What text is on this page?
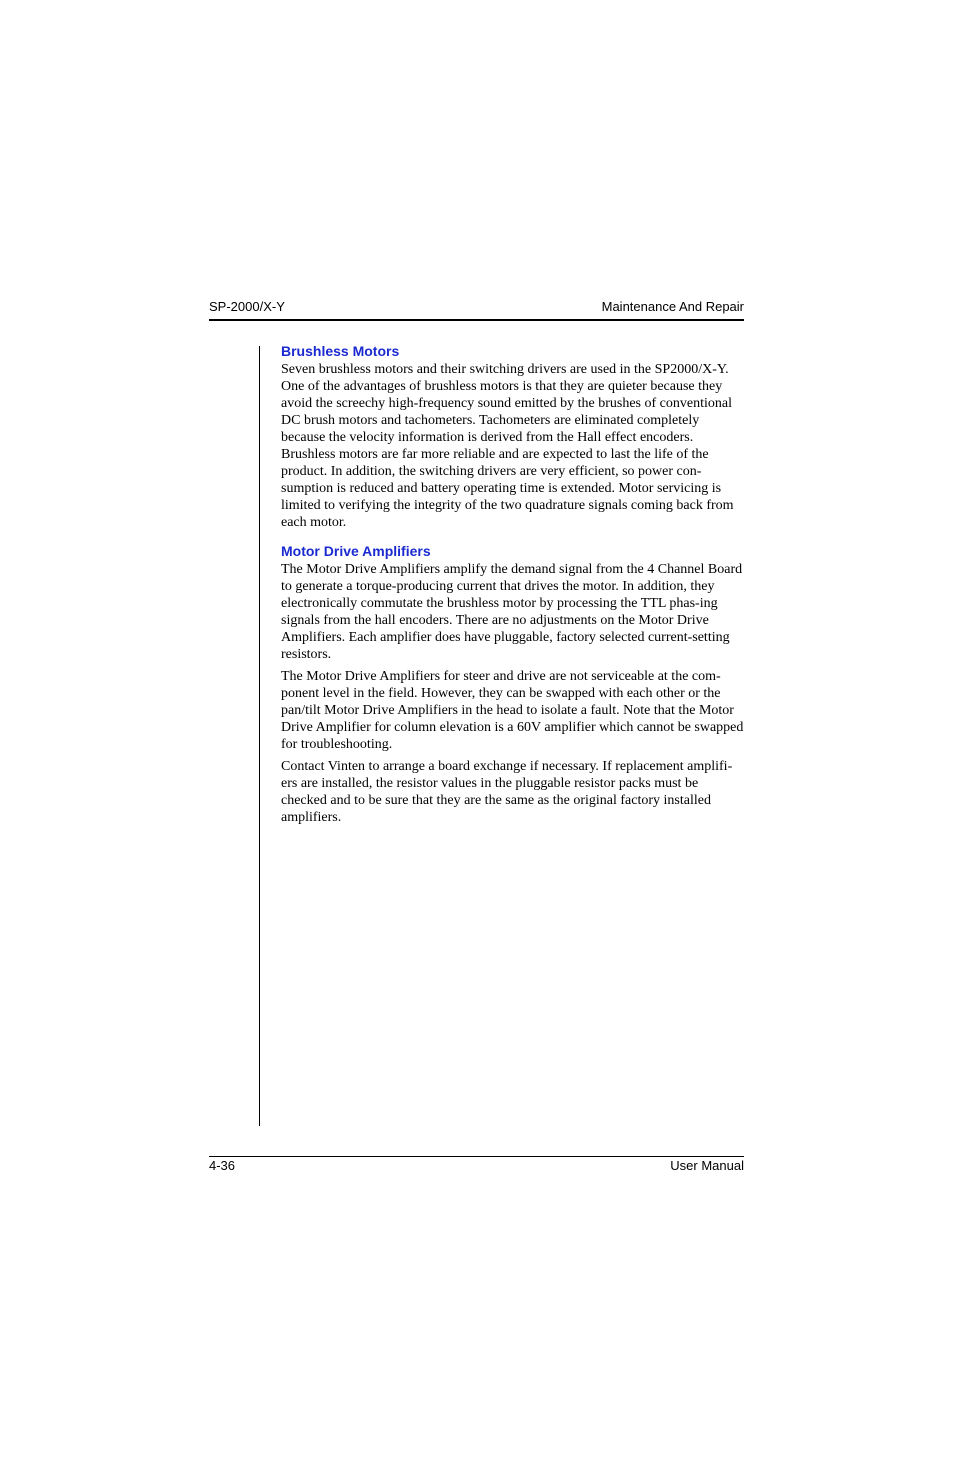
SP-2000/X-Y	Maintenance And Repair
Brushless Motors

Seven brushless motors and their switching drivers are used in the SP2000/X-Y. One of the advantages of brushless motors is that they are quieter because they avoid the screechy high-frequency sound emitted by the brushes of conventional DC brush motors and tachometers. Tachometers are eliminated completely because the velocity information is derived from the Hall effect encoders. Brushless motors are far more reliable and are expected to last the life of the product. In addition, the switching drivers are very efficient, so power con-sumption is reduced and battery operating time is extended. Motor servicing is limited to verifying the integrity of the two quadrature signals coming back from each motor.

Motor Drive Amplifiers

The Motor Drive Amplifiers amplify the demand signal from the 4 Channel Board to generate a torque-producing current that drives the motor. In addition, they electronically commutate the brushless motor by processing the TTL phas-ing signals from the hall encoders. There are no adjustments on the Motor Drive Amplifiers. Each amplifier does have pluggable, factory selected current-setting resistors.

The Motor Drive Amplifiers for steer and drive are not serviceable at the com-ponent level in the field. However, they can be swapped with each other or the pan/tilt Motor Drive Amplifiers in the head to isolate a fault. Note that the Motor Drive Amplifier for column elevation is a 60V amplifier which cannot be swapped for troubleshooting.

Contact Vinten to arrange a board exchange if necessary. If replacement amplifi-ers are installed, the resistor values in the pluggable resistor packs must be checked and to be sure that they are the same as the original factory installed amplifiers.

4-36	User Manual
